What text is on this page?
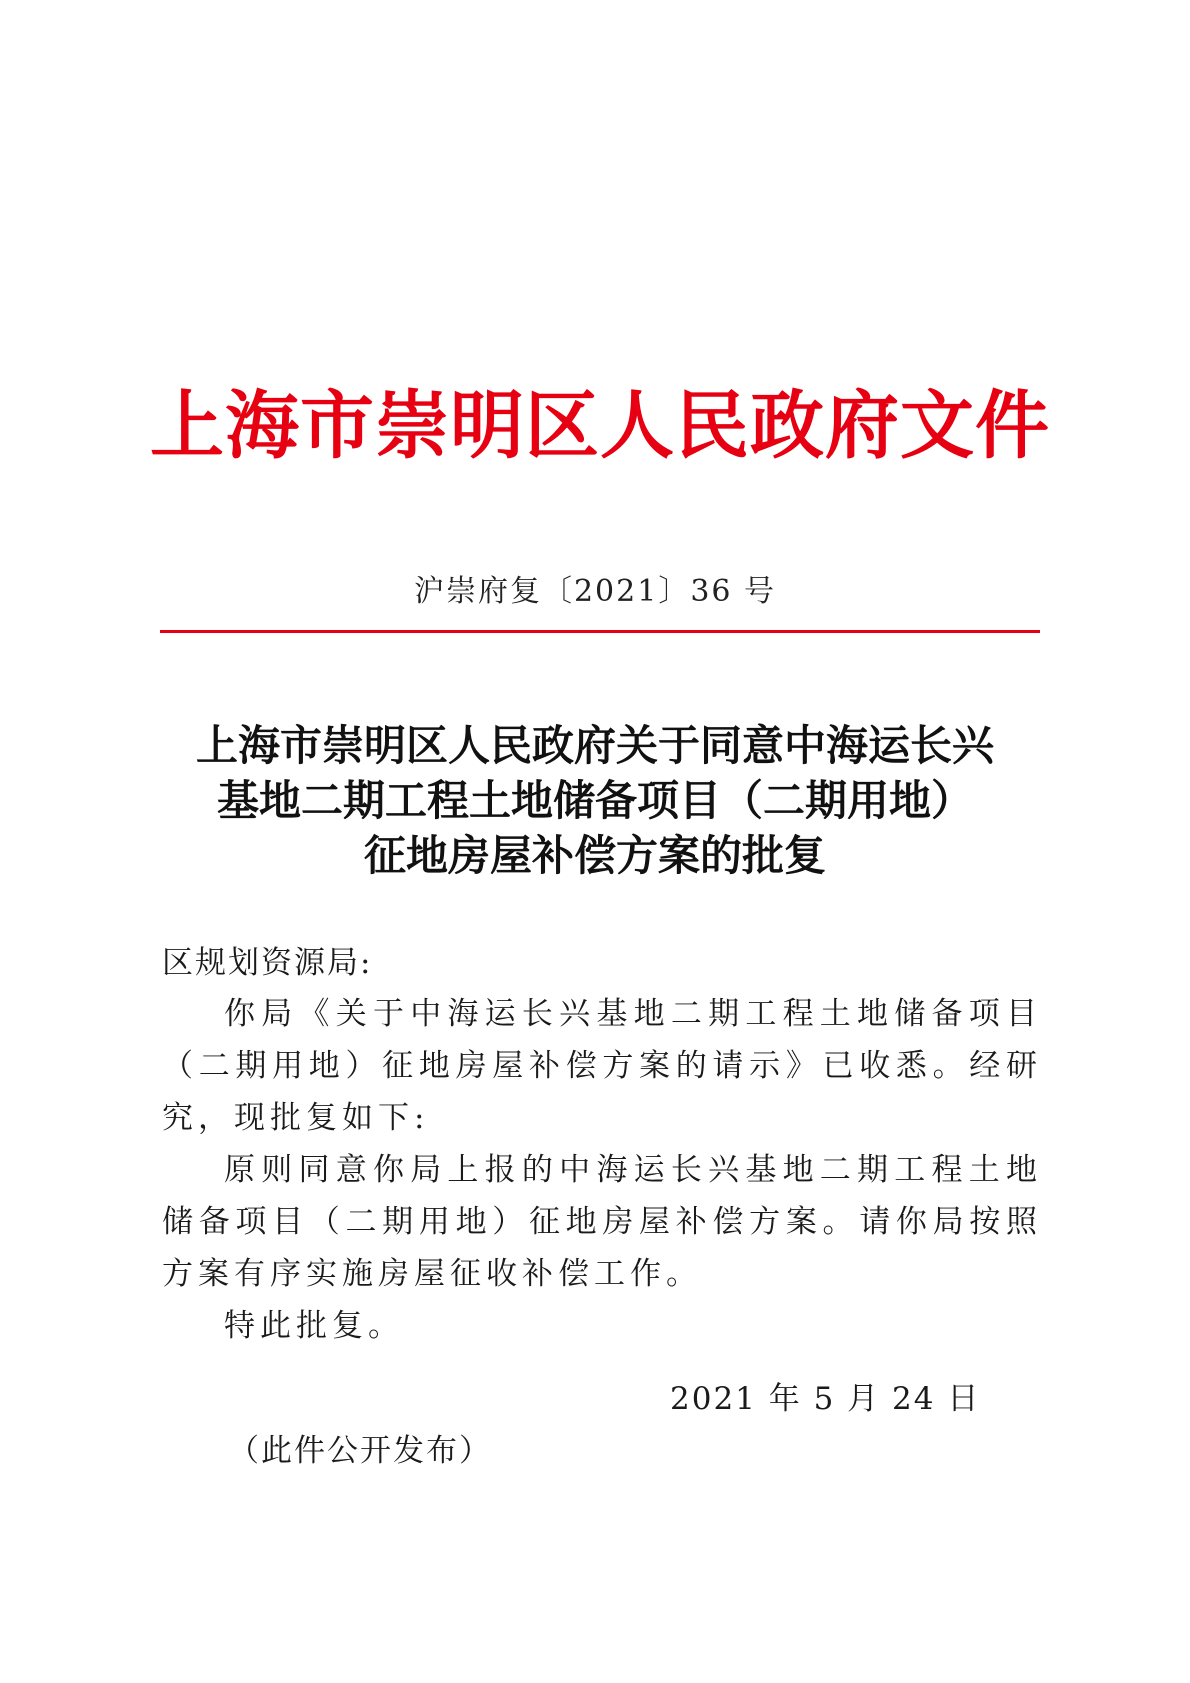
上海市崇明区人民政府文件
沪崇府复〔2021〕36 号
上海市崇明区人民政府关于同意中海运长兴
基地二期工程土地储备项目（二期用地）
征地房屋补偿方案的批复
区规划资源局:

你局《关于中海运长兴基地二期工程土地储备项目（二期用地）征地房屋补偿方案的请示》已收悉。经研究，现批复如下:

原则同意你局上报的中海运长兴基地二期工程土地储备项目（二期用地）征地房屋补偿方案。请你局按照方案有序实施房屋征收补偿工作。

特此批复。

2021 年 5 月 24 日
（此件公开发布）
